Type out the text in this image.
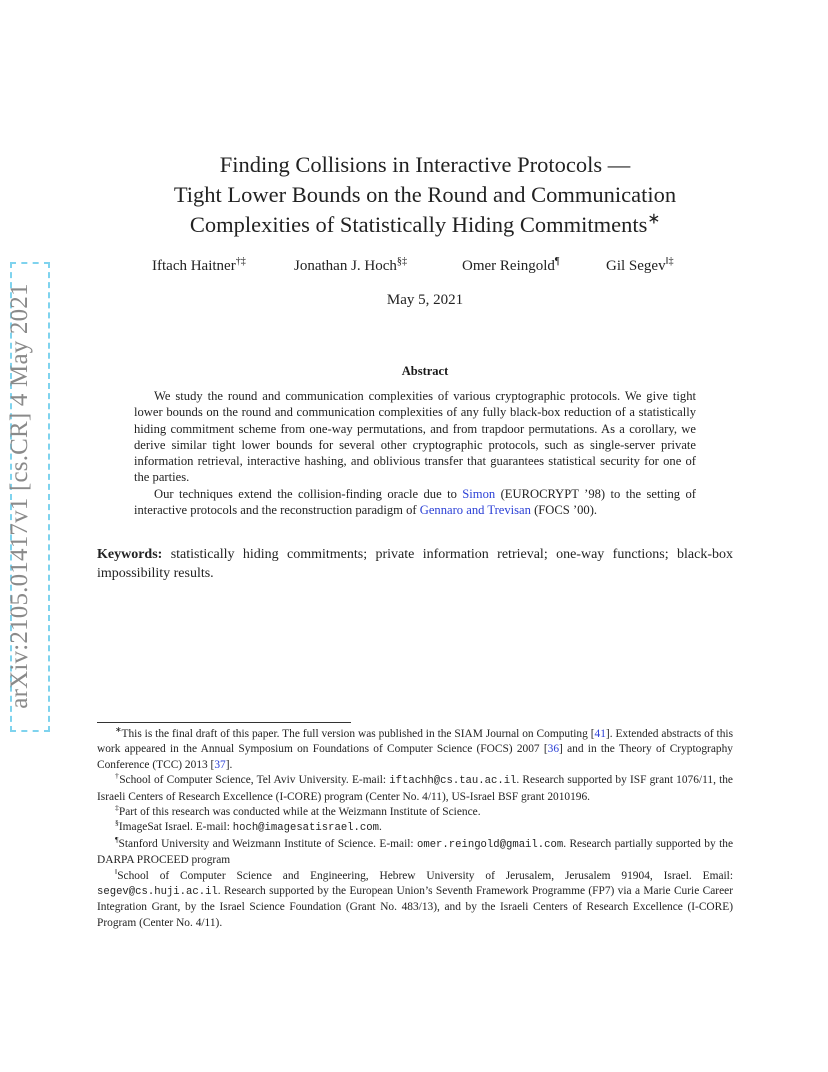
arXiv:2105.01417v1 [cs.CR] 4 May 2021
Finding Collisions in Interactive Protocols —
Tight Lower Bounds on the Round and Communication
Complexities of Statistically Hiding Commitments∗
Iftach Haitner†‡	Jonathan J. Hoch§‡	Omer Reingold¶	Gil Segev‖‡
May 5, 2021
Abstract

We study the round and communication complexities of various cryptographic protocols. We give tight lower bounds on the round and communication complexities of any fully black-box reduction of a statistically hiding commitment scheme from one-way permutations, and from trapdoor permutations. As a corollary, we derive similar tight lower bounds for several other cryptographic protocols, such as single-server private information retrieval, interactive hashing, and oblivious transfer that guarantees statistical security for one of the parties.

Our techniques extend the collision-finding oracle due to Simon (EUROCRYPT ’98) to the setting of interactive protocols and the reconstruction paradigm of Gennaro and Trevisan (FOCS ’00).

Keywords: statistically hiding commitments; private information retrieval; one-way functions; black-box impossibility results.

∗This is the final draft of this paper. The full version was published in the SIAM Journal on Computing [41]. Extended abstracts of this work appeared in the Annual Symposium on Foundations of Computer Science (FOCS) 2007 [36] and in the Theory of Cryptography Conference (TCC) 2013 [37].

†School of Computer Science, Tel Aviv University. E-mail: iftachh@cs.tau.ac.il. Research supported by ISF grant 1076/11, the Israeli Centers of Research Excellence (I-CORE) program (Center No. 4/11), US-Israel BSF grant 2010196.

‡Part of this research was conducted while at the Weizmann Institute of Science.

§ImageSat Israel. E-mail: hoch@imagesatisrael.com.

¶Stanford University and Weizmann Institute of Science. E-mail: omer.reingold@gmail.com. Research partially supported by the DARPA PROCEED program

‖School of Computer Science and Engineering, Hebrew University of Jerusalem, Jerusalem 91904, Israel. Email: segev@cs.huji.ac.il. Research supported by the European Union’s Seventh Framework Programme (FP7) via a Marie Curie Career Integration Grant, by the Israel Science Foundation (Grant No. 483/13), and by the Israeli Centers of Research Excellence (I-CORE) Program (Center No. 4/11).
